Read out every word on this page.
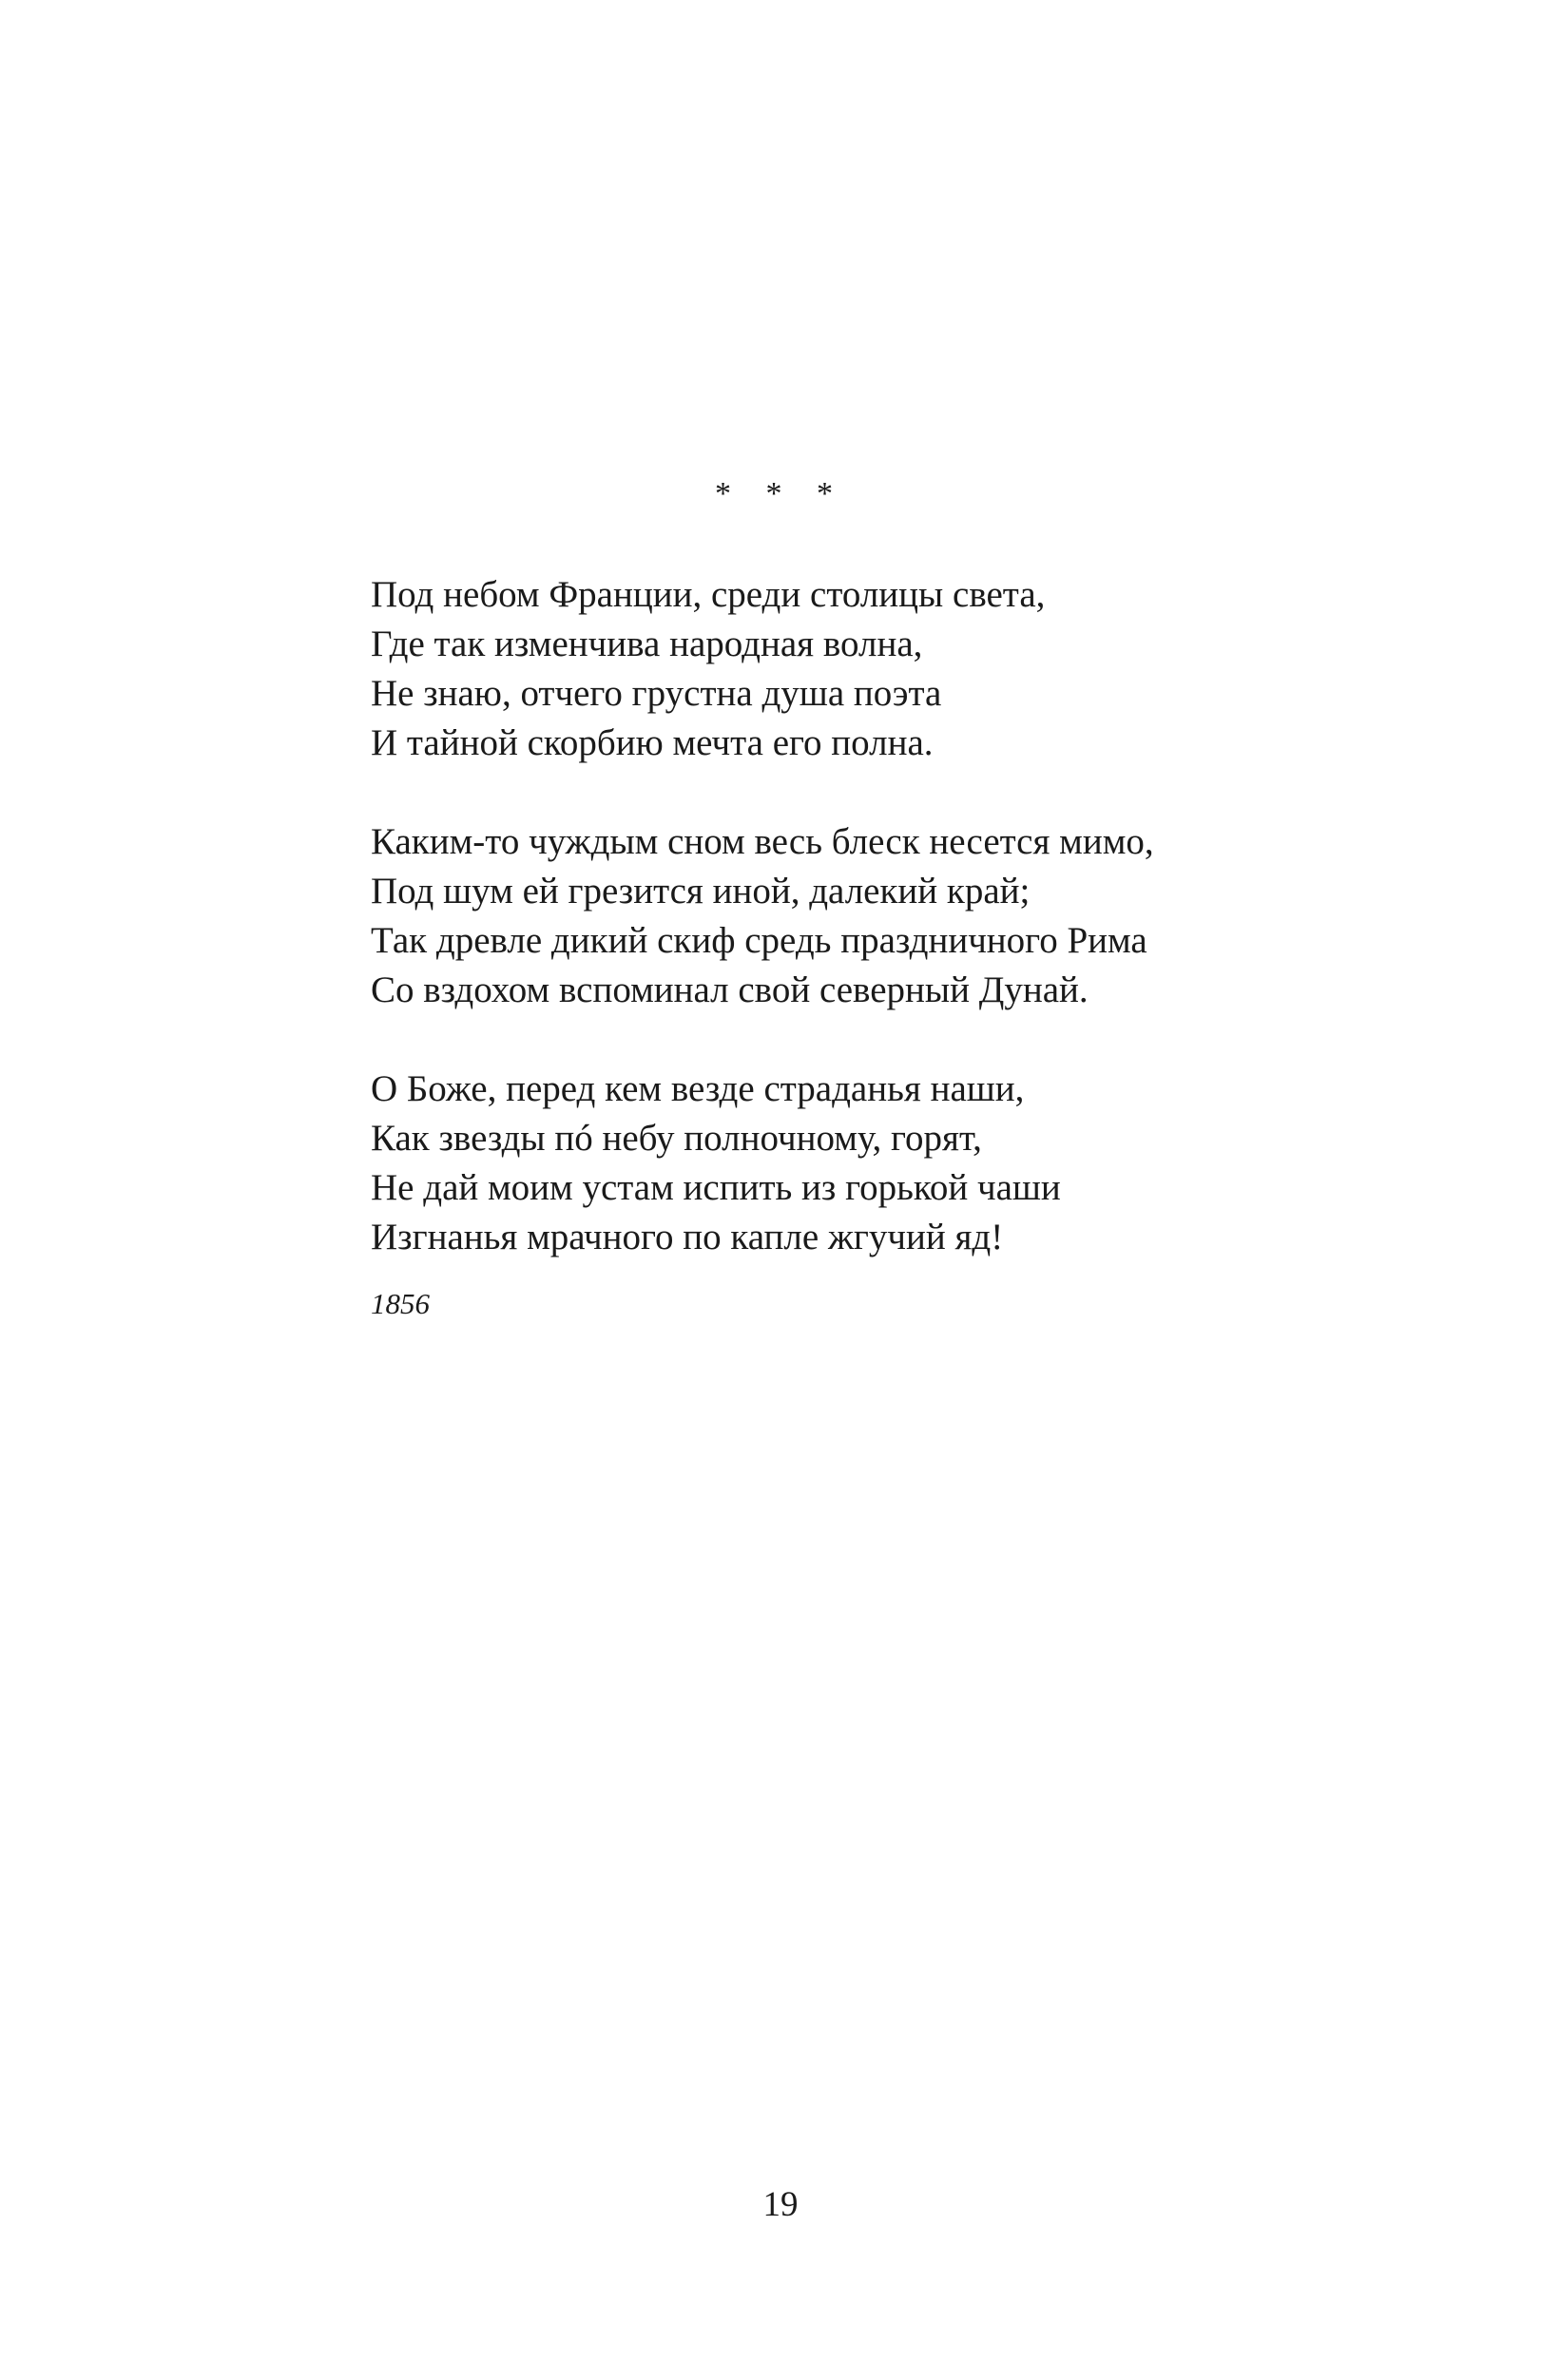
* * *
Под небом Франции, среди столицы света,
Где так изменчива народная волна,
Не знаю, отчего грустна душа поэта
И тайной скорбию мечта его полна.
Каким-то чуждым сном весь блеск несется мимо,
Под шум ей грезится иной, далекий край;
Так древле дикий скиф средь праздничного Рима
Со вздохом вспоминал свой северный Дунай.
О Боже, перед кем везде страданья наши,
Как звезды пó небу полночному, горят,
Не дай моим устам испить из горькой чаши
Изгнанья мрачного по капле жгучий яд!
1856
19
